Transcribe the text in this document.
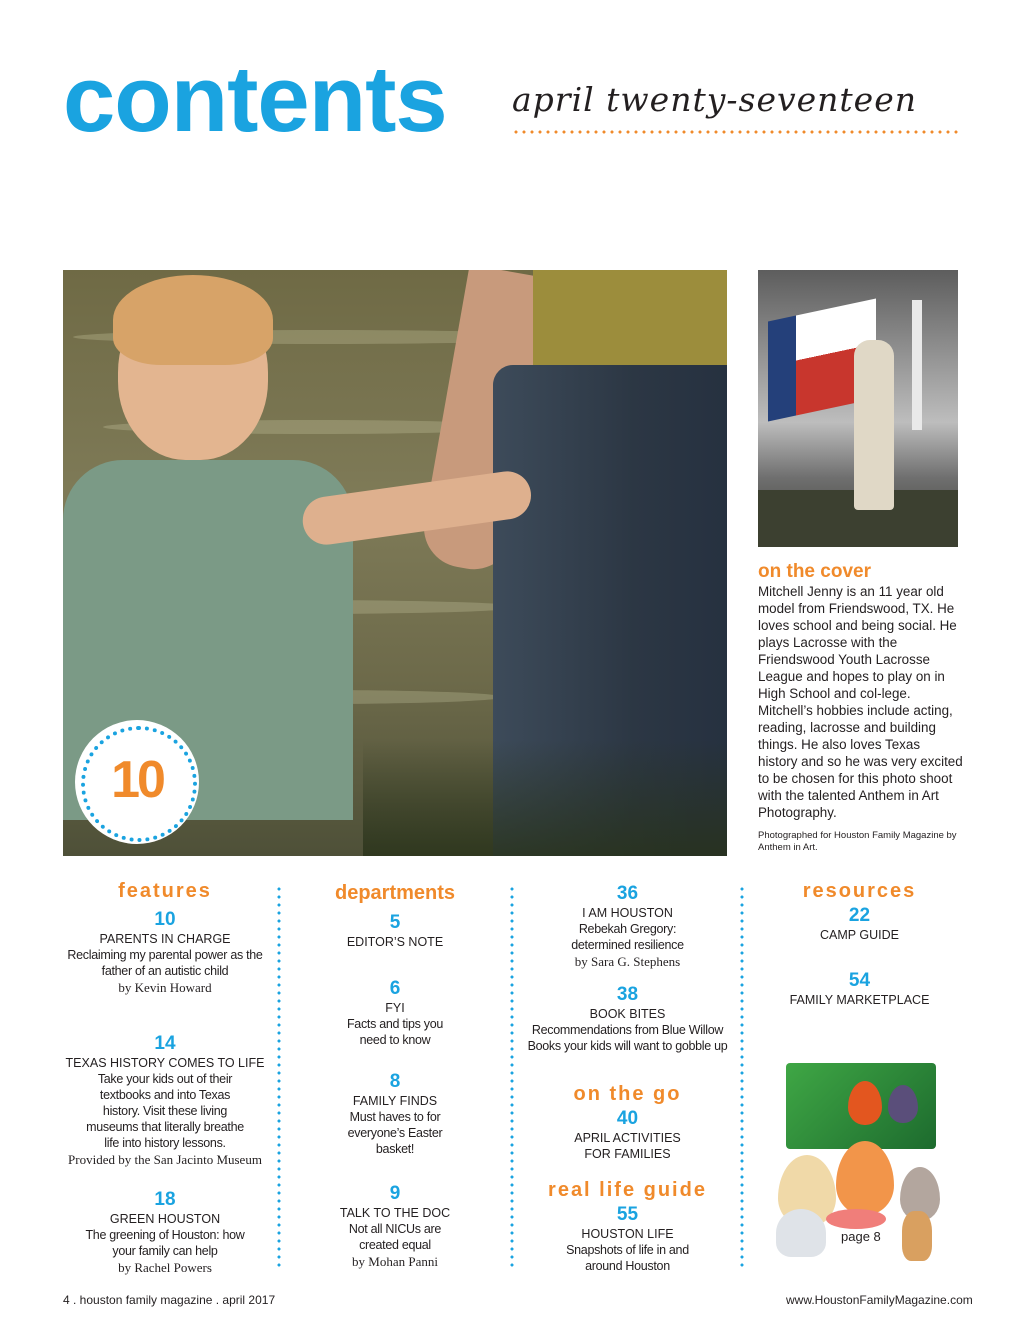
contents april twenty-seventeen
10
on the cover
Mitchell Jenny is an 11 year old model from Friendswood, TX. He loves school and being social. He plays Lacrosse with the Friendswood Youth Lacrosse League and hopes to play on in High School and col-lege. Mitchell’s hobbies include acting, reading, lacrosse and building things. He also loves Texas history and so he was very excited to be chosen for this photo shoot with the talented Anthem in Art Photography.
Photographed for Houston Family Magazine by Anthem in Art.
features
10
PARENTS IN CHARGE
Reclaiming my parental power as the father of an autistic child
by Kevin Howard
14
TEXAS HISTORY COMES TO LIFE
Take your kids out of their textbooks and into Texas history. Visit these living museums that literally breathe life into history lessons.
Provided by the San Jacinto Museum
18
GREEN HOUSTON
The greening of Houston: how your family can help
by Rachel Powers
departments
5
EDITOR’S NOTE
6
FYI
Facts and tips you need to know
8
FAMILY FINDS
Must haves to for everyone’s Easter basket!
9
TALK TO THE DOC
Not all NICUs are created equal
by Mohan Panni
36
I AM HOUSTON
Rebekah Gregory: determined resilience
by Sara G. Stephens
38
BOOK BITES
Recommendations from Blue Willow Books your kids will want to gobble up
on the go
40
APRIL ACTIVITIES FOR FAMILIES
real life guide
55
HOUSTON LIFE
Snapshots of life in and around Houston
resources
22
CAMP GUIDE
54
FAMILY MARKETPLACE
page 8
4 . houston family magazine . april 2017	www.HoustonFamilyMagazine.com
